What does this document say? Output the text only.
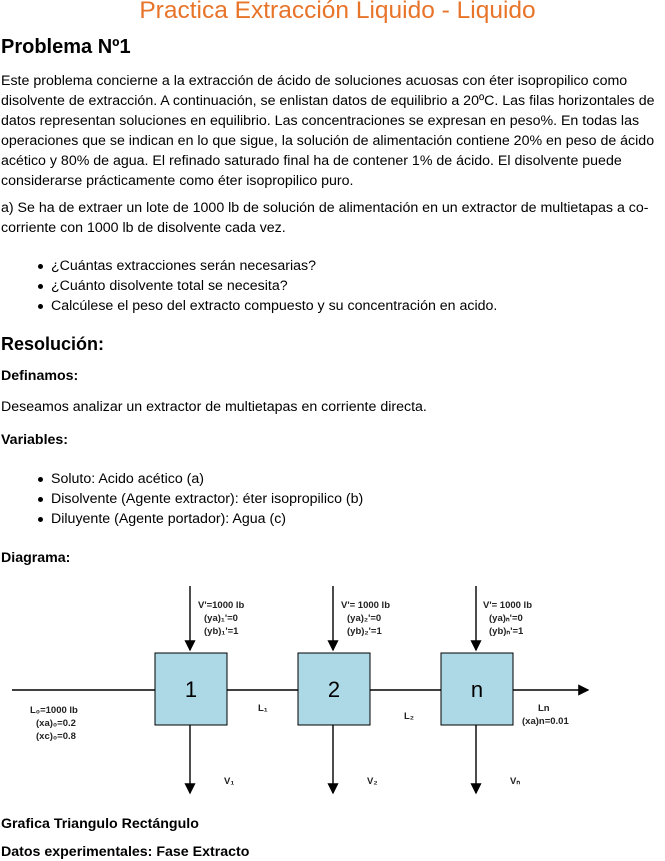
Practica Extracción Liquido - Liquido
Problema Nº1

Este problema concierne a la extracción de ácido de soluciones acuosas con éter isopropilico como disolvente de extracción. A continuación, se enlistan datos de equilibrio a 20ºC. Las filas horizontales de datos representan soluciones en equilibrio. Las concentraciones se expresan en peso%. En todas las operaciones que se indican en lo que sigue, la solución de alimentación contiene 20% en peso de ácido acético y 80% de agua. El refinado saturado final ha de contener 1% de ácido. El disolvente puede considerarse prácticamente como éter isopropilico puro.

a) Se ha de extraer un lote de 1000 lb de solución de alimentación en un extractor de multietapas a co-corriente con 1000 lb de disolvente cada vez.

¿Cuántas extracciones serán necesarias?
¿Cuánto disolvente total se necesita?
Calcúlese el peso del extracto compuesto y su concentración en acido.
Resolución:
Definamos:

Deseamos analizar un extractor de multietapas en corriente directa.

Variables:
Soluto: Acido acético (a)
Disolvente (Agente extractor): éter isopropilico (b)
Diluyente (Agente portador): Agua (c)
Diagrama:
1	2	n
V'=1000 lb
(ya)₁'=0
(yb)₁'=1
V'= 1000 lb
(ya)₂'=0
(yb)₂'=1
V'= 1000 lb
(ya)ₙ'=0
(yb)ₙ'=1
L₀=1000 lb
(xa)₀=0.2
(xc)₀=0.8
L₁
L₂
Ln
(xa)n=0.01
V₁	V₂	Vₙ
Grafica Triangulo Rectángulo
Datos experimentales: Fase Extracto
